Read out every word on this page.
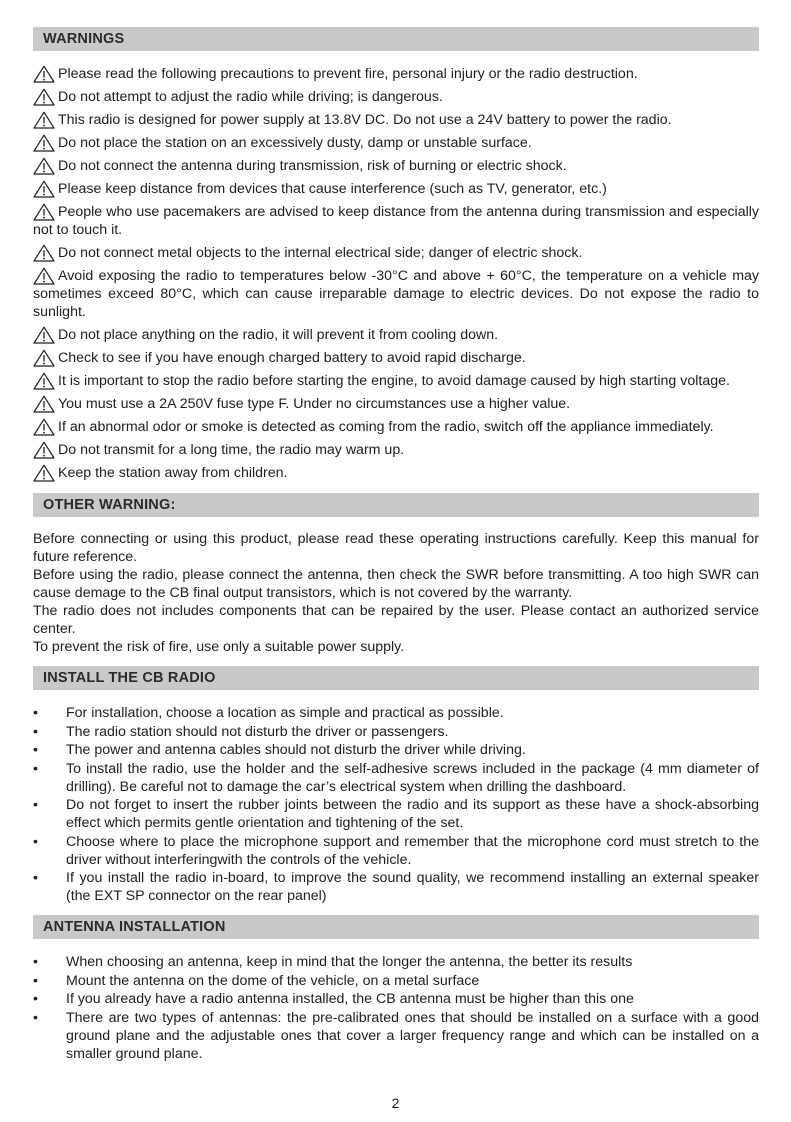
WARNINGS
Please read the following precautions to prevent fire, personal injury or the radio destruction.
Do not attempt to adjust the radio while driving; is dangerous.
This radio is designed for power supply at 13.8V DC. Do not use a 24V battery to power the radio.
Do not place the station on an excessively dusty, damp or unstable surface.
Do not connect the antenna during transmission, risk of burning or electric shock.
Please keep distance from devices that cause interference (such as TV, generator, etc.)
People who use pacemakers are advised to keep distance from the antenna during transmission and especially not to touch it.
Do not connect metal objects to the internal electrical side; danger of electric shock.
Avoid exposing the radio to temperatures below -30°C and above + 60°C, the temperature on a vehicle may sometimes exceed 80°C, which can cause irreparable damage to electric devices. Do not expose the radio to sunlight.
Do not place anything on the radio, it will prevent it from cooling down.
Check to see if you have enough charged battery to avoid rapid discharge.
It is important to stop the radio before starting the engine, to avoid damage caused by high starting voltage.
You must use a 2A 250V fuse type F. Under no circumstances use a higher value.
If an abnormal odor or smoke is detected as coming from the radio, switch off the appliance immediately.
Do not transmit for a long time, the radio may warm up.
Keep the station away from children.
OTHER WARNING:

Before connecting or using this product, please read these operating instructions carefully. Keep this manual for future reference.

Before using the radio, please connect the antenna, then check the SWR before transmitting. A too high SWR can cause demage to the CB final output transistors, which is not covered by the warranty.

The radio does not includes components that can be repaired by the user. Please contact an authorized service center.

To prevent the risk of fire, use only a suitable power supply.

INSTALL THE CB RADIO
•	For installation, choose a location as simple and practical as possible.
•	The radio station should not disturb the driver or passengers.
•	The power and antenna cables should not disturb the driver while driving.
•	To install the radio, use the holder and the self-adhesive screws included in the package (4 mm diameter of drilling). Be careful not to damage the car’s electrical system when drilling the dashboard.
•	Do not forget to insert the rubber joints between the radio and its support as these have a shock-absorbing effect which permits gentle orientation and tightening of the set.
•	Choose where to place the microphone support and remember that the microphone cord must stretch to the driver without interferingwith the controls of the vehicle.
•	If you install the radio in-board, to improve the sound quality, we recommend installing an external speaker (the EXT SP connector on the rear panel)
ANTENNA INSTALLATION
•	When choosing an antenna, keep in mind that the longer the antenna, the better its results
•	Mount the antenna on the dome of the vehicle, on a metal surface
•	If you already have a radio antenna installed, the CB antenna must be higher than this one
•	There are two types of antennas: the pre-calibrated ones that should be installed on a surface with a good ground plane and the adjustable ones that cover a larger frequency range and which can be installed on a smaller ground plane.
2
